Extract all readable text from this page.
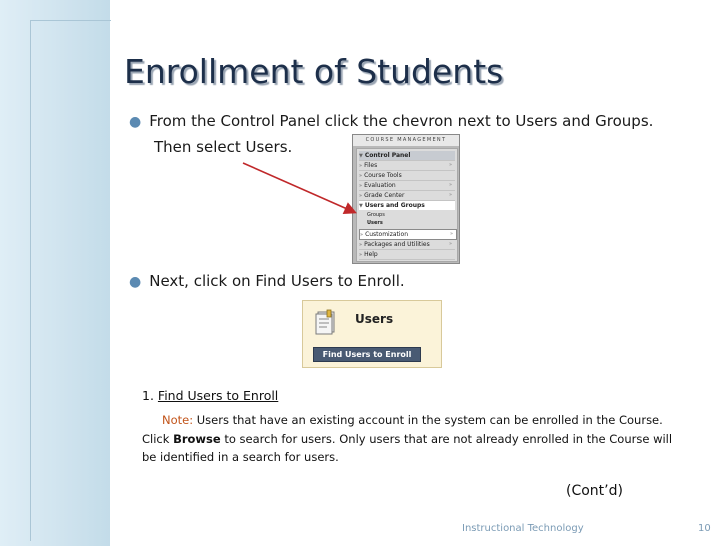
Enrollment of Students
● From the Control Panel click the chevron next to Users and Groups.
Then select Users.	COURSE MANAGEMENT
▼ Control Panel
» Files	»
» Course Tools
» Evaluation	»
» Grade Center	»
▼ Users and Groups
Groups
Users
» Customization	»
» Packages and Utilities	»
» Help
● Next, click on Find Users to Enroll.
Users
Find Users to Enroll
1. Find Users to Enroll
Note: Users that have an existing account in the system can be enrolled in the Course.
Click Browse to search for users. Only users that are not already enrolled in the Course will
be identified in a search for users.
(Cont’d)
Instructional Technology	10
